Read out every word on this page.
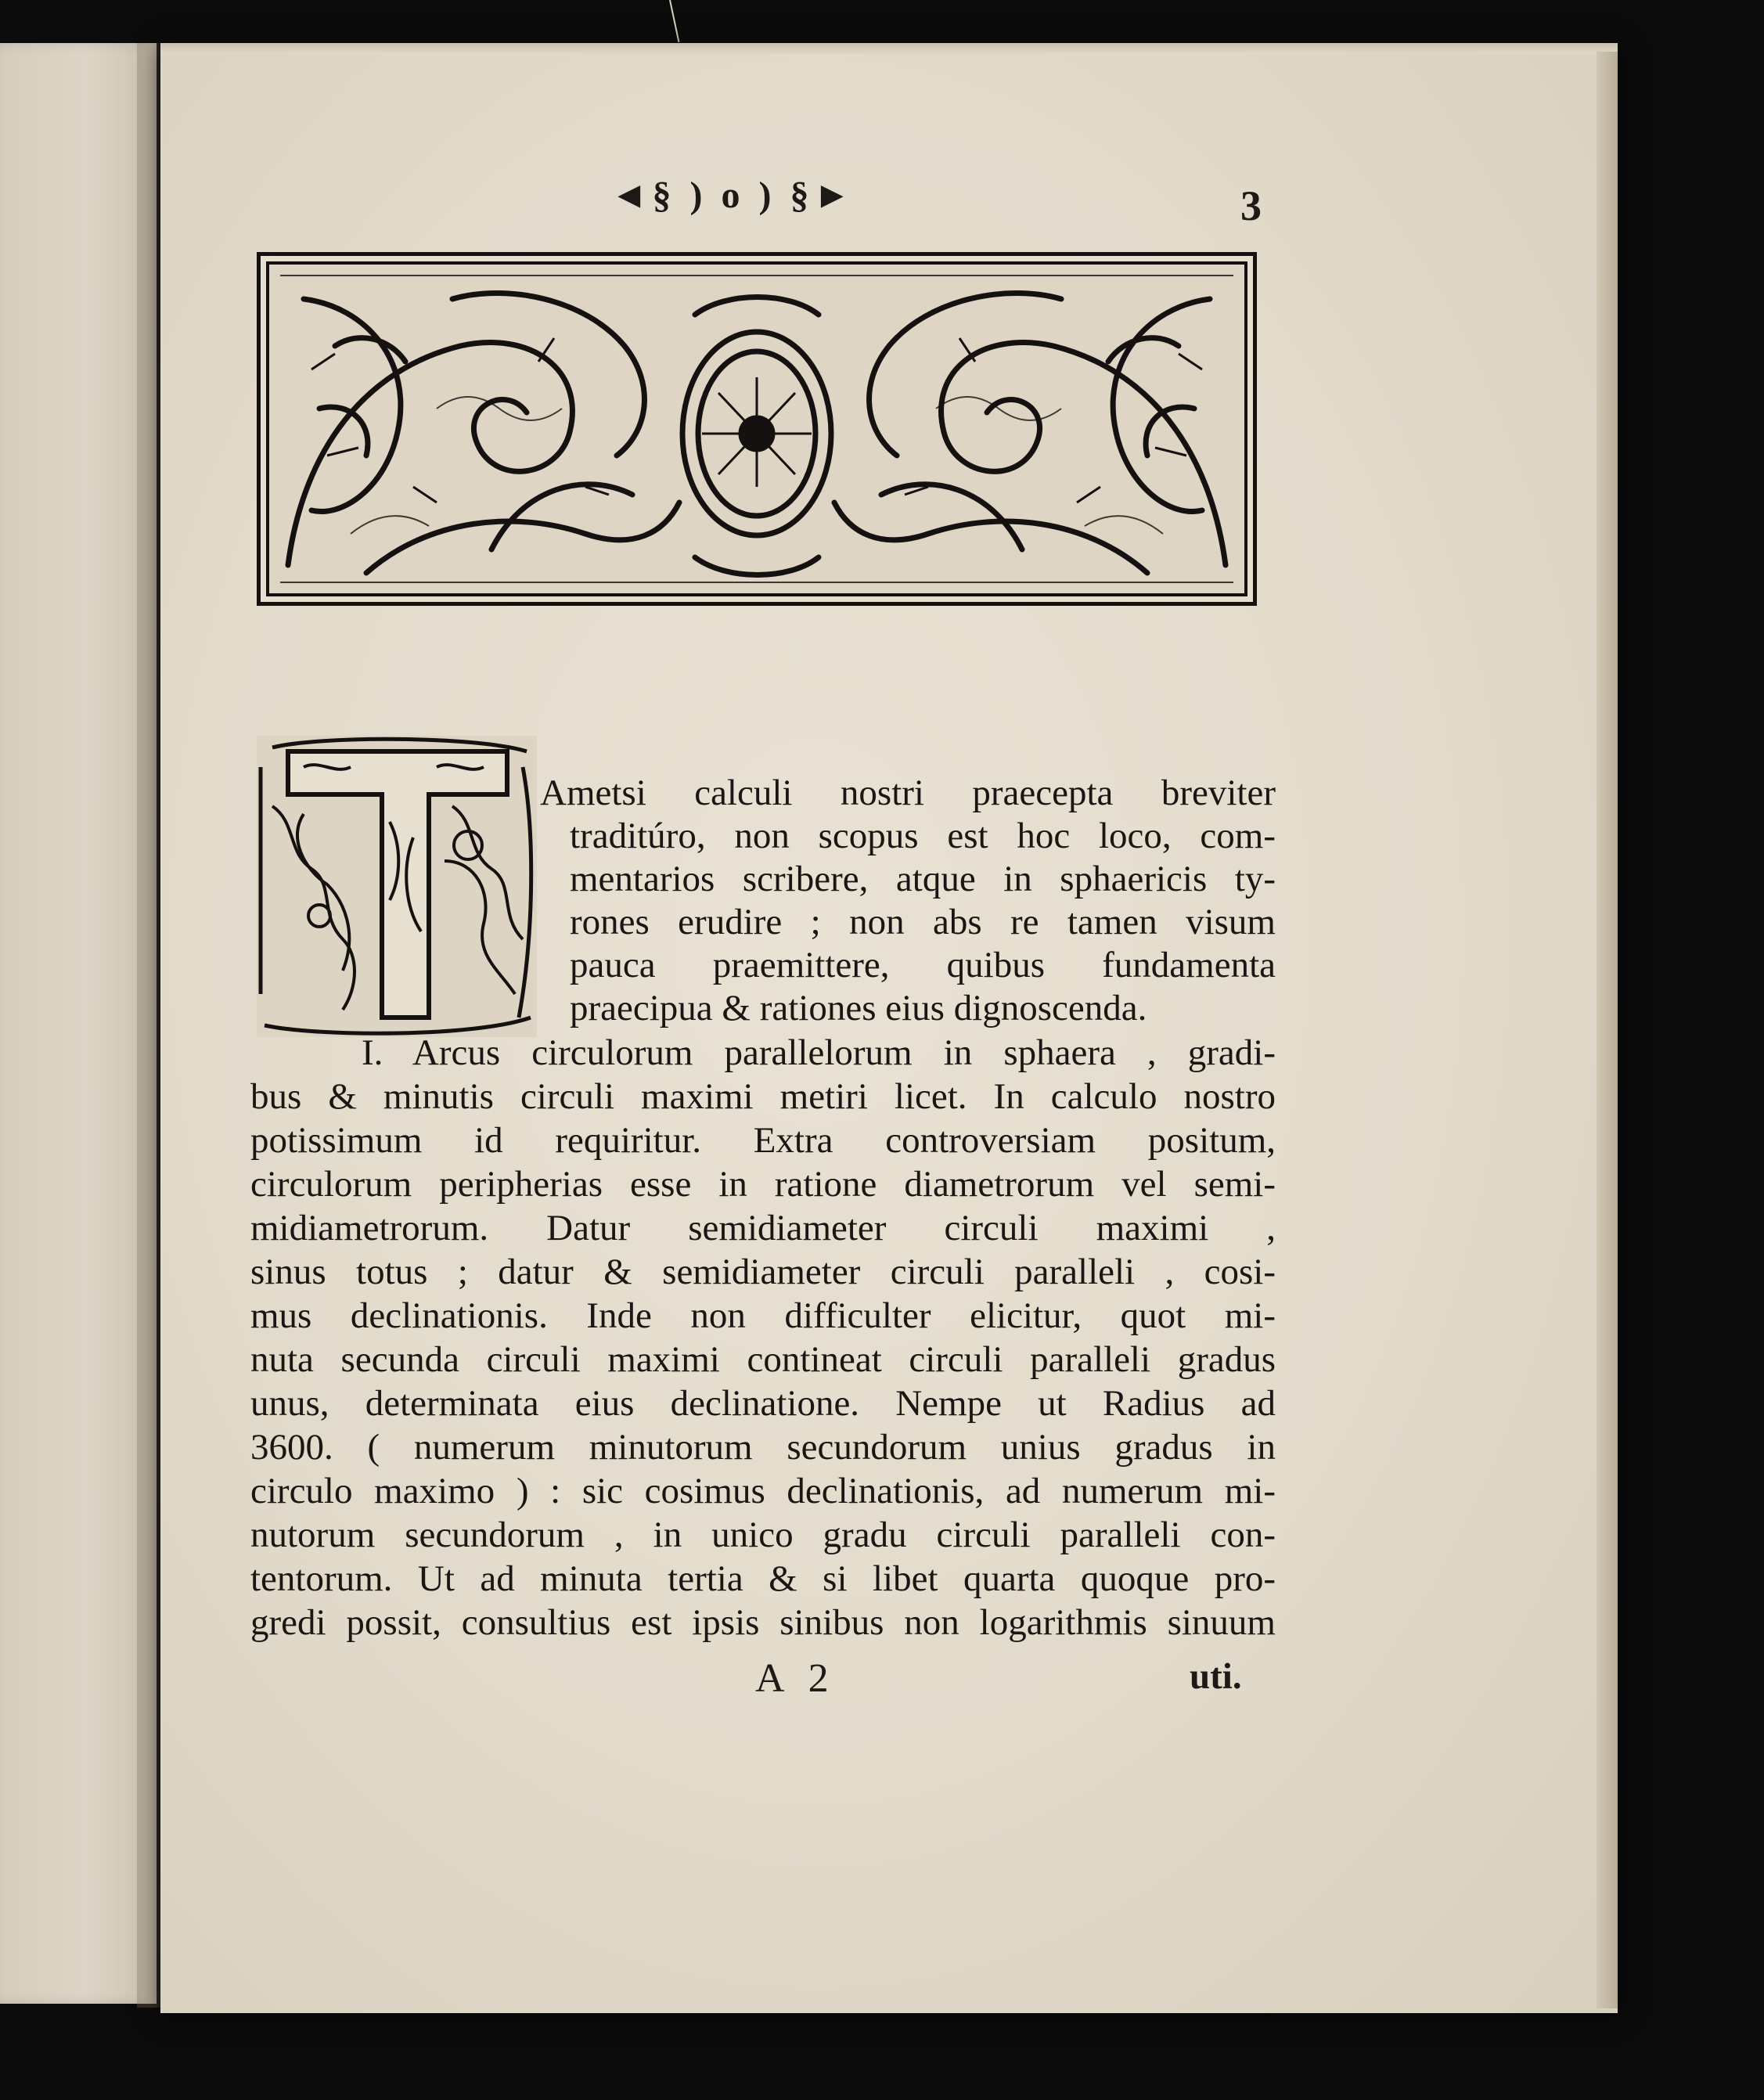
◄§ ) o ) §►	3
Ametsi calculi nostri praecepta breviter
traditúro, non scopus est hoc loco, com-
mentarios scribere, atque in sphaericis ty-
rones erudire ; non abs re tamen visum
pauca praemittere, quibus fundamenta
praecipua & rationes eius dignoscenda.
I. Arcus circulorum parallelorum in sphaera , gradi-
bus & minutis circuli maximi metiri licet. In calculo nostro
potissimum id requiritur. Extra controversiam positum,
circulorum peripherias esse in ratione diametrorum vel semi-
midiametrorum. Datur semidiameter circuli maximi ,
sinus totus ; datur & semidiameter circuli paralleli , cosi-
mus declinationis. Inde non difficulter elicitur, quot mi-
nuta secunda circuli maximi contineat circuli paralleli gradus
unus, determinata eius declinatione. Nempe ut Radius ad
3600. ( numerum minutorum secundorum unius gradus in
circulo maximo ) : sic cosimus declinationis, ad numerum mi-
nutorum secundorum , in unico gradu circuli paralleli con-
tentorum. Ut ad minuta tertia & si libet quarta quoque pro-
gredi possit, consultius est ipsis sinibus non logarithmis sinuum
A 2	uti.
